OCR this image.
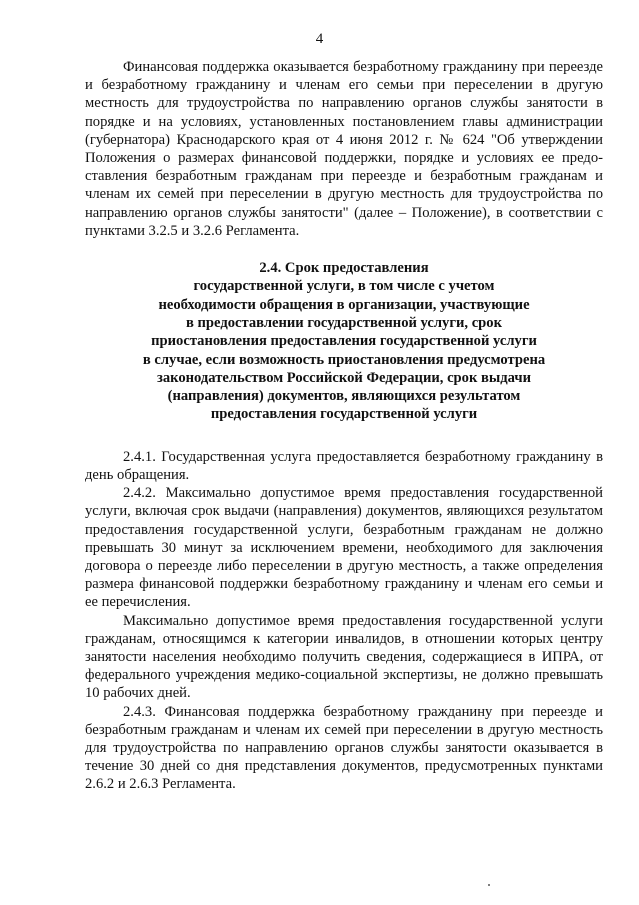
4

Финансовая поддержка оказывается безработному гражданину при переезде и безработному гражданину и членам его семьи при переселении в другую местность для трудоустройства по направлению органов службы занятости в порядке и на условиях, установленных постановлением главы администрации (губернатора) Краснодарского края от 4 июня 2012 г. № 624 "Об утверждении Положения о размерах финансовой поддержки, порядке и условиях ее предоставления безработным гражданам при переезде и безработным гражданам и членам их семей при переселении в другую местность для трудоустройства по направлению органов службы занятости" (далее – Положение), в соответствии с пунктами 3.2.5 и 3.2.6 Регламента.

2.4. Срок предоставления
государственной услуги, в том числе с учетом
необходимости обращения в организации, участвующие
в предоставлении государственной услуги, срок
приостановления предоставления государственной услуги
в случае, если возможность приостановления предусмотрена
законодательством Российской Федерации, срок выдачи
(направления) документов, являющихся результатом
предоставления государственной услуги

2.4.1. Государственная услуга предоставляется безработному гражданину в день обращения.

2.4.2. Максимально допустимое время предоставления государственной услуги, включая срок выдачи (направления) документов, являющихся результатом предоставления государственной услуги, безработным гражданам не должно превышать 30 минут за исключением времени, необходимого для заключения договора о переезде либо переселении в другую местность, а также определения размера финансовой поддержки безработному гражданину и членам его семьи и ее перечисления.

Максимально допустимое время предоставления государственной услуги гражданам, относящимся к категории инвалидов, в отношении которых центру занятости населения необходимо получить сведения, содержащиеся в ИПРА, от федерального учреждения медико-социальной экспертизы, не должно превышать 10 рабочих дней.

2.4.3. Финансовая поддержка безработному гражданину при переезде и безработным гражданам и членам их семей при переселении в другую местность для трудоустройства по направлению органов службы занятости оказывается в течение 30 дней со дня представления документов, предусмотренных пунктами 2.6.2 и 2.6.3 Регламента.
